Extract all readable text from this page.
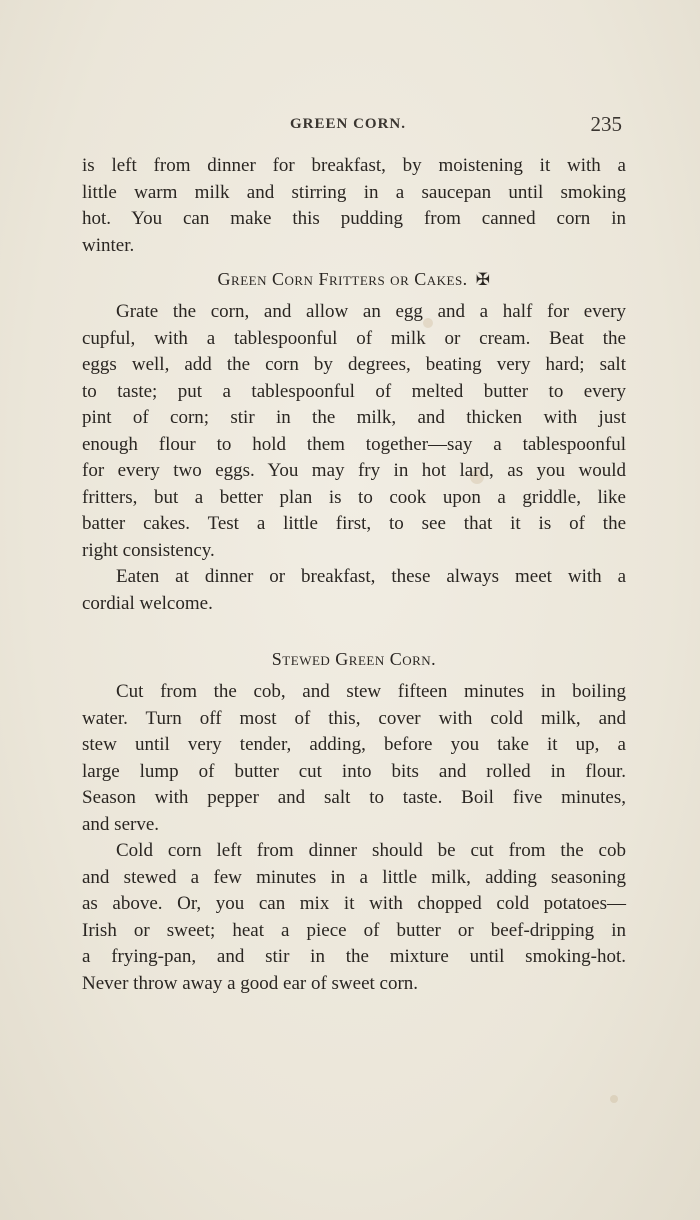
GREEN CORN.	235
is left from dinner for breakfast, by moistening it with a
little warm milk and stirring in a saucepan until smoking
hot. You can make this pudding from canned corn in
winter.
Green Corn Fritters or Cakes. ✠
Grate the corn, and allow an egg and a half for every
cupful, with a tablespoonful of milk or cream. Beat the
eggs well, add the corn by degrees, beating very hard; salt
to taste; put a tablespoonful of melted butter to every
pint of corn; stir in the milk, and thicken with just
enough flour to hold them together—say a tablespoonful
for every two eggs. You may fry in hot lard, as you would
fritters, but a better plan is to cook upon a griddle, like
batter cakes. Test a little first, to see that it is of the
right consistency.
Eaten at dinner or breakfast, these always meet with a
cordial welcome.
Stewed Green Corn.
Cut from the cob, and stew fifteen minutes in boiling
water. Turn off most of this, cover with cold milk, and
stew until very tender, adding, before you take it up, a
large lump of butter cut into bits and rolled in flour.
Season with pepper and salt to taste. Boil five minutes,
and serve.
Cold corn left from dinner should be cut from the cob
and stewed a few minutes in a little milk, adding seasoning
as above. Or, you can mix it with chopped cold potatoes—
Irish or sweet; heat a piece of butter or beef-dripping in
a frying-pan, and stir in the mixture until smoking-hot.
Never throw away a good ear of sweet corn.
